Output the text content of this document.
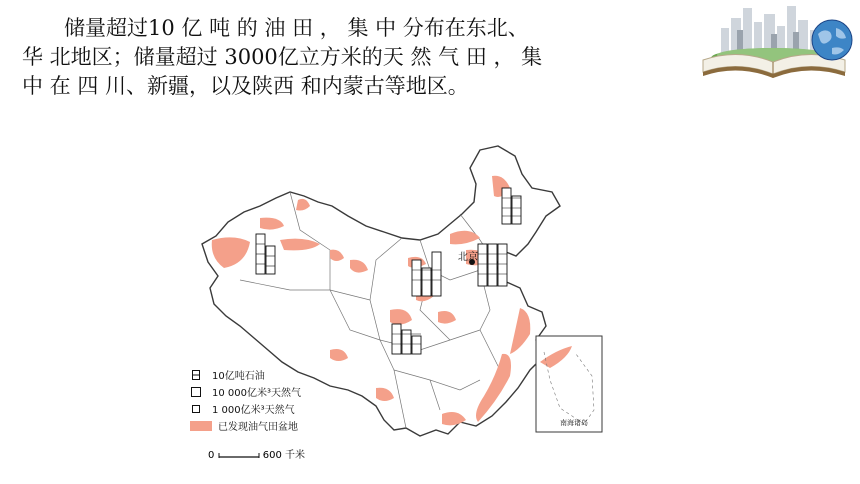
储量超过10 亿 吨 的 油 田 ， 集 中 分布在东北、
华 北地区；储量超过 3000亿立方米的天 然 气 田 ， 集
中 在 四 川、新疆，以及陕西 和内蒙古等地区。
北京
南海诸岛
10亿吨石油
10 000亿米³天然气
1 000亿米³天然气
已发现油气田盆地
0	600 千米
